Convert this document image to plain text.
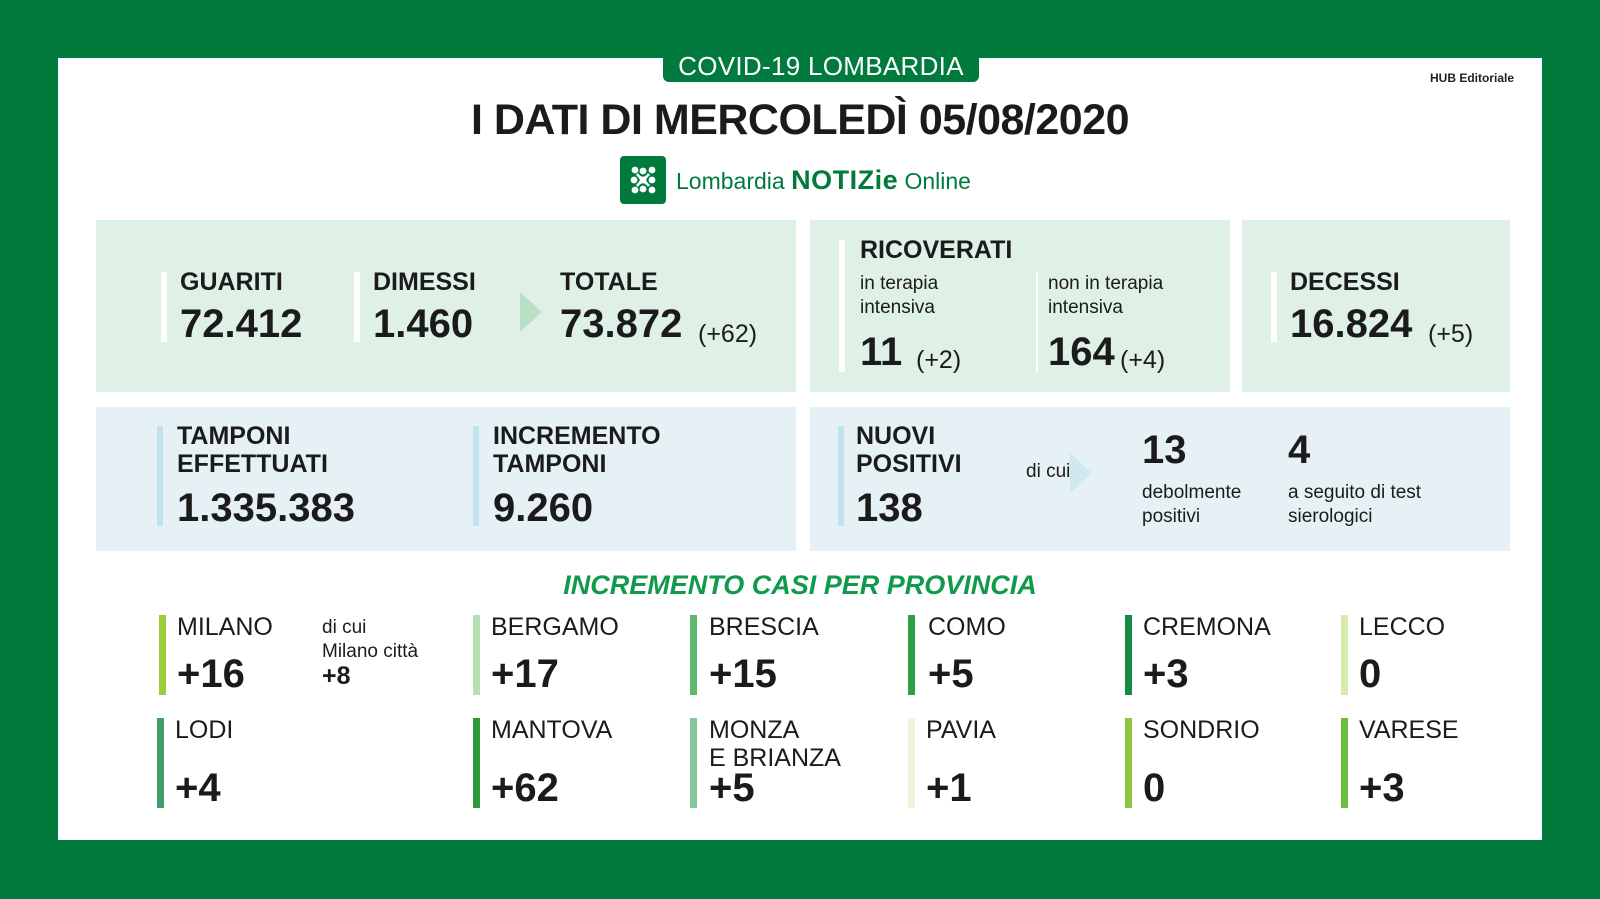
COVID-19 LOMBARDIA	HUB Editoriale
I DATI DI MERCOLEDÌ 05/08/2020
Lombardia NOTIZie Online
GUARITI
72.412
DIMESSI
1.460
TOTALE
73.872 (+62)
RICOVERATI
in terapia
intensiva
11 (+2)
non in terapia
intensiva
164 (+4)
DECESSI
16.824 (+5)
TAMPONI
EFFETTUATI
1.335.383
INCREMENTO
TAMPONI
9.260
NUOVI
POSITIVI
138
di cui 13
debolmente
positivi
4
a seguito di test
sierologici
INCREMENTO CASI PER PROVINCIA
MILANO
+16
di cui
Milano città
+8
BERGAMO
+17
BRESCIA
+15
COMO
+5
CREMONA
+3
LECCO
0
LODI
+4
MANTOVA
+62
MONZA
E BRIANZA
+5
PAVIA
+1
SONDRIO
0
VARESE
+3
